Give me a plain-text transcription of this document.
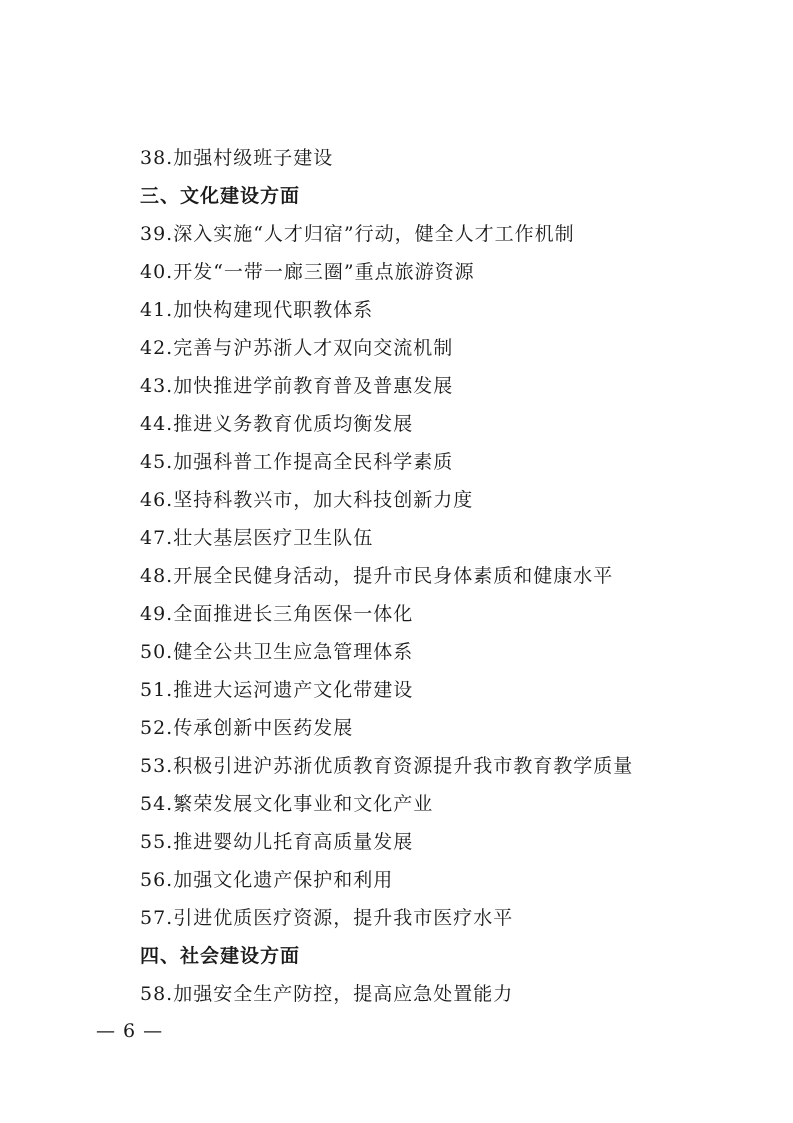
38.加强村级班子建设
三、文化建设方面
39.深入实施“人才归宿”行动，健全人才工作机制
40.开发“一带一廊三圈”重点旅游资源
41.加快构建现代职教体系
42.完善与沪苏浙人才双向交流机制
43.加快推进学前教育普及普惠发展
44.推进义务教育优质均衡发展
45.加强科普工作提高全民科学素质
46.坚持科教兴市，加大科技创新力度
47.壮大基层医疗卫生队伍
48.开展全民健身活动，提升市民身体素质和健康水平
49.全面推进长三角医保一体化
50.健全公共卫生应急管理体系
51.推进大运河遗产文化带建设
52.传承创新中医药发展
53.积极引进沪苏浙优质教育资源提升我市教育教学质量
54.繁荣发展文化事业和文化产业
55.推进婴幼儿托育高质量发展
56.加强文化遗产保护和利用
57.引进优质医疗资源，提升我市医疗水平
四、社会建设方面
58.加强安全生产防控，提高应急处置能力
— 6 —
